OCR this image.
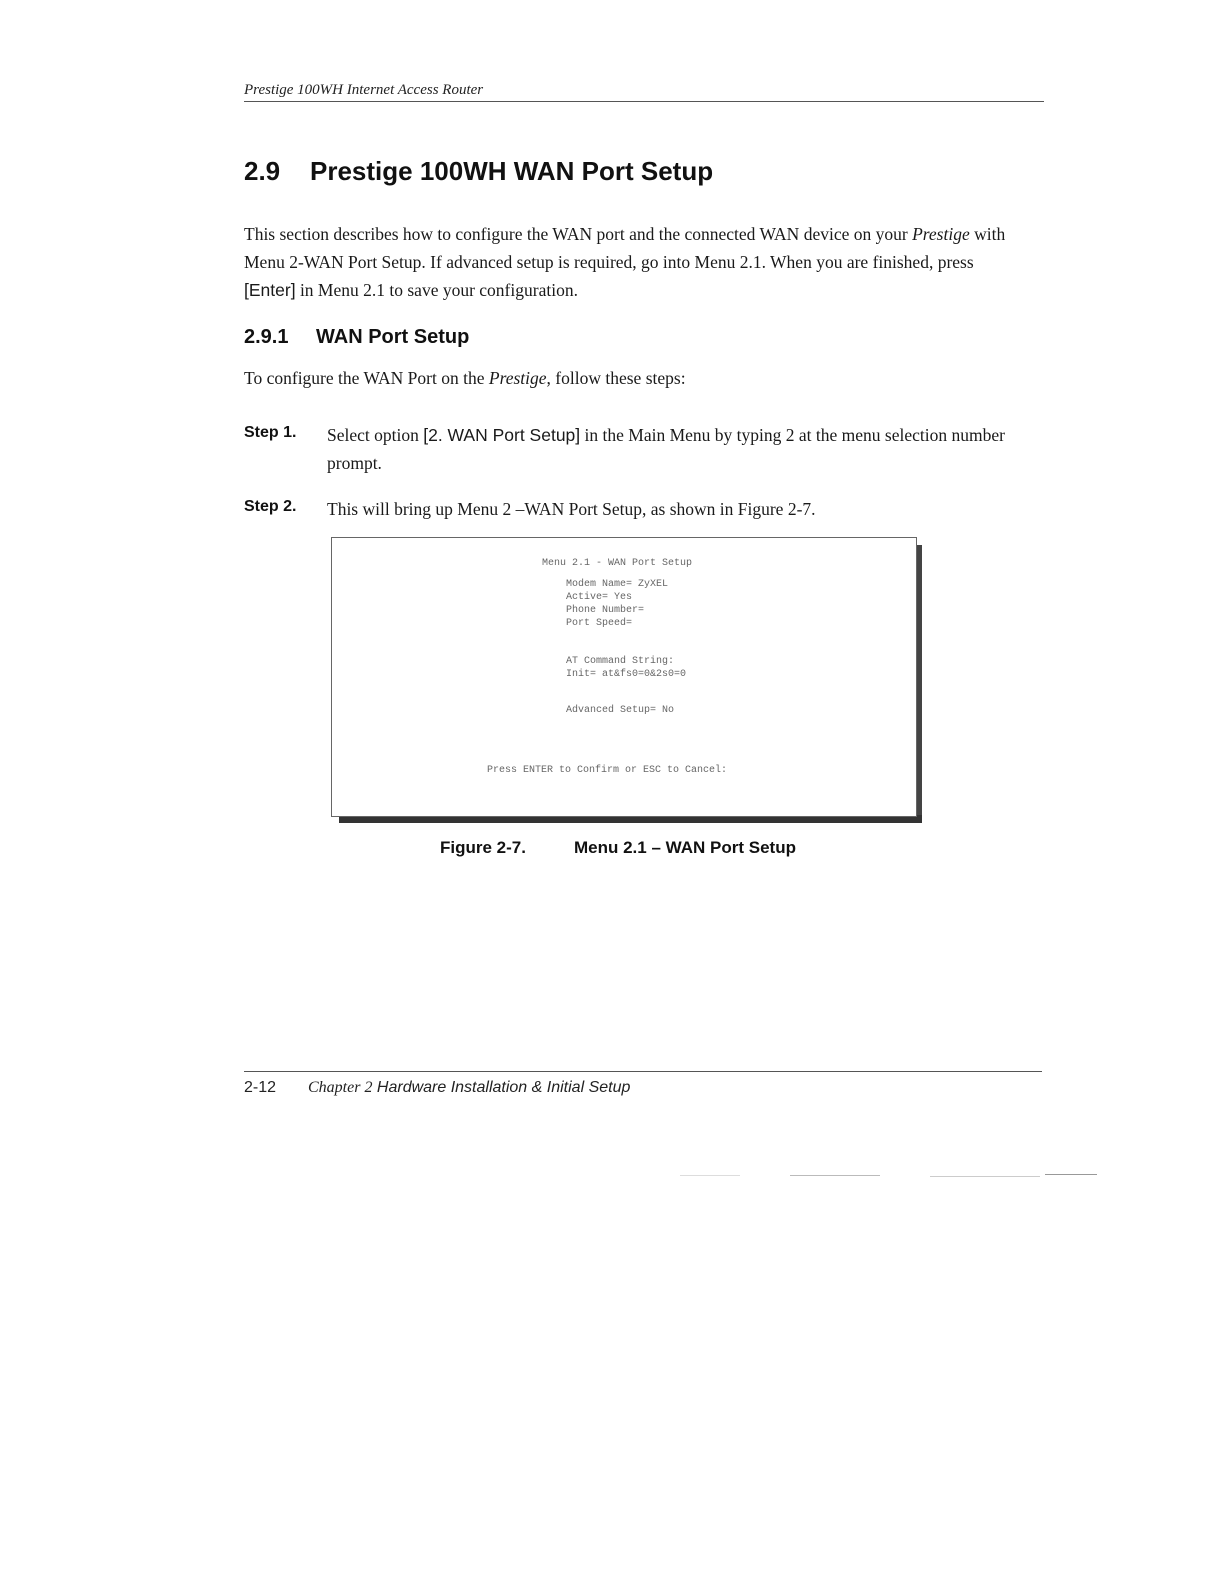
Prestige 100WH Internet Access Router
2.9 Prestige 100WH WAN Port Setup

This section describes how to configure the WAN port and the connected WAN device on your Prestige with Menu 2-WAN Port Setup. If advanced setup is required, go into Menu 2.1. When you are finished, press [Enter] in Menu 2.1 to save your configuration.

2.9.1 WAN Port Setup

To configure the WAN Port on the Prestige, follow these steps:

Step 1. Select option [2. WAN Port Setup] in the Main Menu by typing 2 at the menu selection number prompt.
Step 2. This will bring up Menu 2 –WAN Port Setup, as shown in Figure 2-7.
Menu 2.1 - WAN Port Setup
Modem Name= ZyXEL
Active= Yes
Phone Number=
Port Speed=
AT Command String:
Init= at&fs0=0&2s0=0
Advanced Setup= No
Press ENTER to Confirm or ESC to Cancel:
Figure 2-7.	Menu 2.1 – WAN Port Setup
2-12 Chapter 2 Hardware Installation & Initial Setup
